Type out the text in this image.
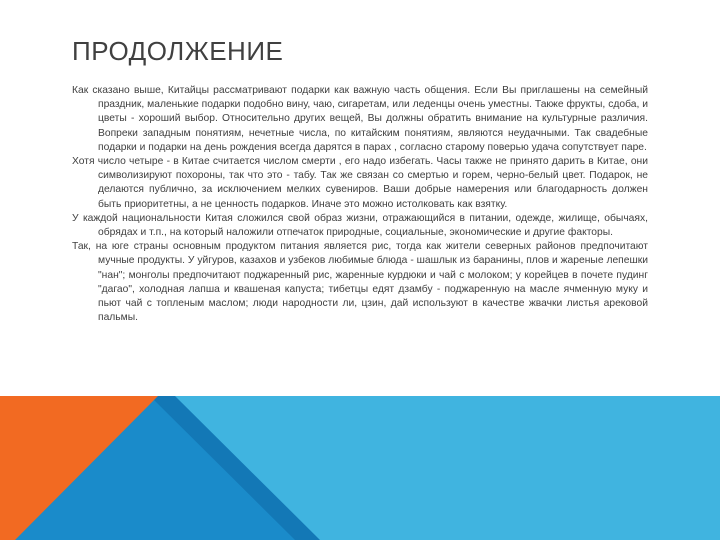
ПРОДОЛЖЕНИЕ

Как сказано выше, Китайцы рассматривают подарки как важную часть общения. Если Вы приглашены на семейный праздник, маленькие подарки подобно вину, чаю, сигаретам, или леденцы очень уместны. Также фрукты, сдоба, и цветы - хороший выбор. Относительно других вещей, Вы должны обратить внимание на культурные различия. Вопреки западным понятиям, нечетные числа, по китайским понятиям, являются неудачными. Так свадебные подарки и подарки на день рождения всегда дарятся в парах , согласно старому поверью удача сопутствует паре.

Хотя число четыре - в Китае считается числом смерти , его надо избегать. Часы также не принято дарить в Китае, они символизируют похороны, так что это - табу. Так же связан со смертью и горем, черно-белый цвет. Подарок, не делаются публично, за исключением мелких сувениров. Ваши добрые намерения или благодарность должен быть приоритетны, а не ценность подарков. Иначе это можно истолковать как взятку.

У каждой национальности Китая сложился свой образ жизни, отражающийся в питании, одежде, жилище, обычаях, обрядах и т.п., на который наложили отпечаток природные, социальные, экономические и другие факторы.

Так, на юге страны основным продуктом питания является рис, тогда как жители северных районов предпочитают мучные продукты. У уйгуров, казахов и узбеков любимые блюда - шашлык из баранины, плов и жареные лепешки "нан"; монголы предпочитают поджаренный рис, жаренные курдюки и чай с молоком; у корейцев в почете пудинг "дагао", холодная лапша и квашеная капуста; тибетцы едят дзамбу - поджаренную на масле ячменную муку и пьют чай с топленым маслом; люди народности ли, цзин, дай используют в качестве жвачки листья арековой пальмы.
